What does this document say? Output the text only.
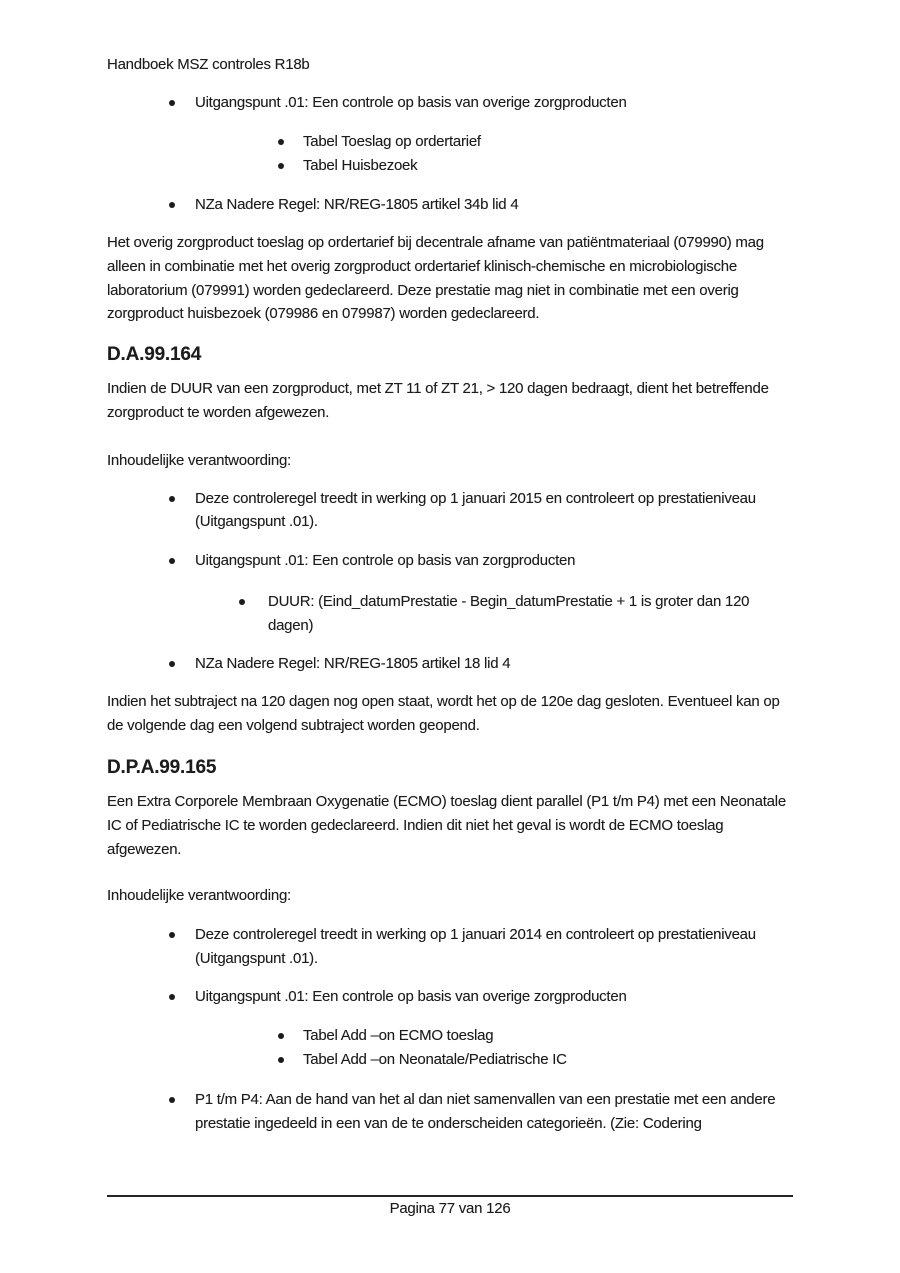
Handboek MSZ controles R18b
Uitgangspunt .01: Een controle op basis van overige zorgproducten
Tabel Toeslag op ordertarief
Tabel Huisbezoek
NZa Nadere Regel: NR/REG-1805 artikel 34b lid 4
Het overig zorgproduct toeslag op ordertarief bij decentrale afname van patiëntmateriaal (079990) mag alleen in combinatie met het overig zorgproduct ordertarief klinisch-chemische en microbiologische laboratorium (079991) worden gedeclareerd. Deze prestatie mag niet in combinatie met een overig zorgproduct huisbezoek (079986 en 079987) worden gedeclareerd.
D.A.99.164
Indien de DUUR van een zorgproduct, met ZT 11 of ZT 21, > 120 dagen bedraagt, dient het betreffende zorgproduct te worden afgewezen.
Inhoudelijke verantwoording:
Deze controleregel treedt in werking op 1 januari 2015 en controleert op prestatieniveau (Uitgangspunt .01).
Uitgangspunt .01: Een controle op basis van zorgproducten
DUUR: (Eind_datumPrestatie - Begin_datumPrestatie + 1 is groter dan 120 dagen)
NZa Nadere Regel: NR/REG-1805 artikel 18 lid 4
Indien het subtraject na 120 dagen nog open staat, wordt het op de 120e dag gesloten. Eventueel kan op de volgende dag een volgend subtraject worden geopend.
D.P.A.99.165
Een Extra Corporele Membraan Oxygenatie (ECMO) toeslag dient parallel (P1 t/m P4) met een Neonatale IC of Pediatrische IC te worden gedeclareerd. Indien dit niet het geval is wordt de ECMO toeslag afgewezen.
Inhoudelijke verantwoording:
Deze controleregel treedt in werking op 1 januari 2014 en controleert op prestatieniveau (Uitgangspunt .01).
Uitgangspunt .01: Een controle op basis van overige zorgproducten
Tabel Add –on ECMO toeslag
Tabel Add –on Neonatale/Pediatrische IC
P1 t/m P4: Aan de hand van het al dan niet samenvallen van een prestatie met een andere prestatie ingedeeld in een van de te onderscheiden categorieën. (Zie: Codering
Pagina 77 van 126
